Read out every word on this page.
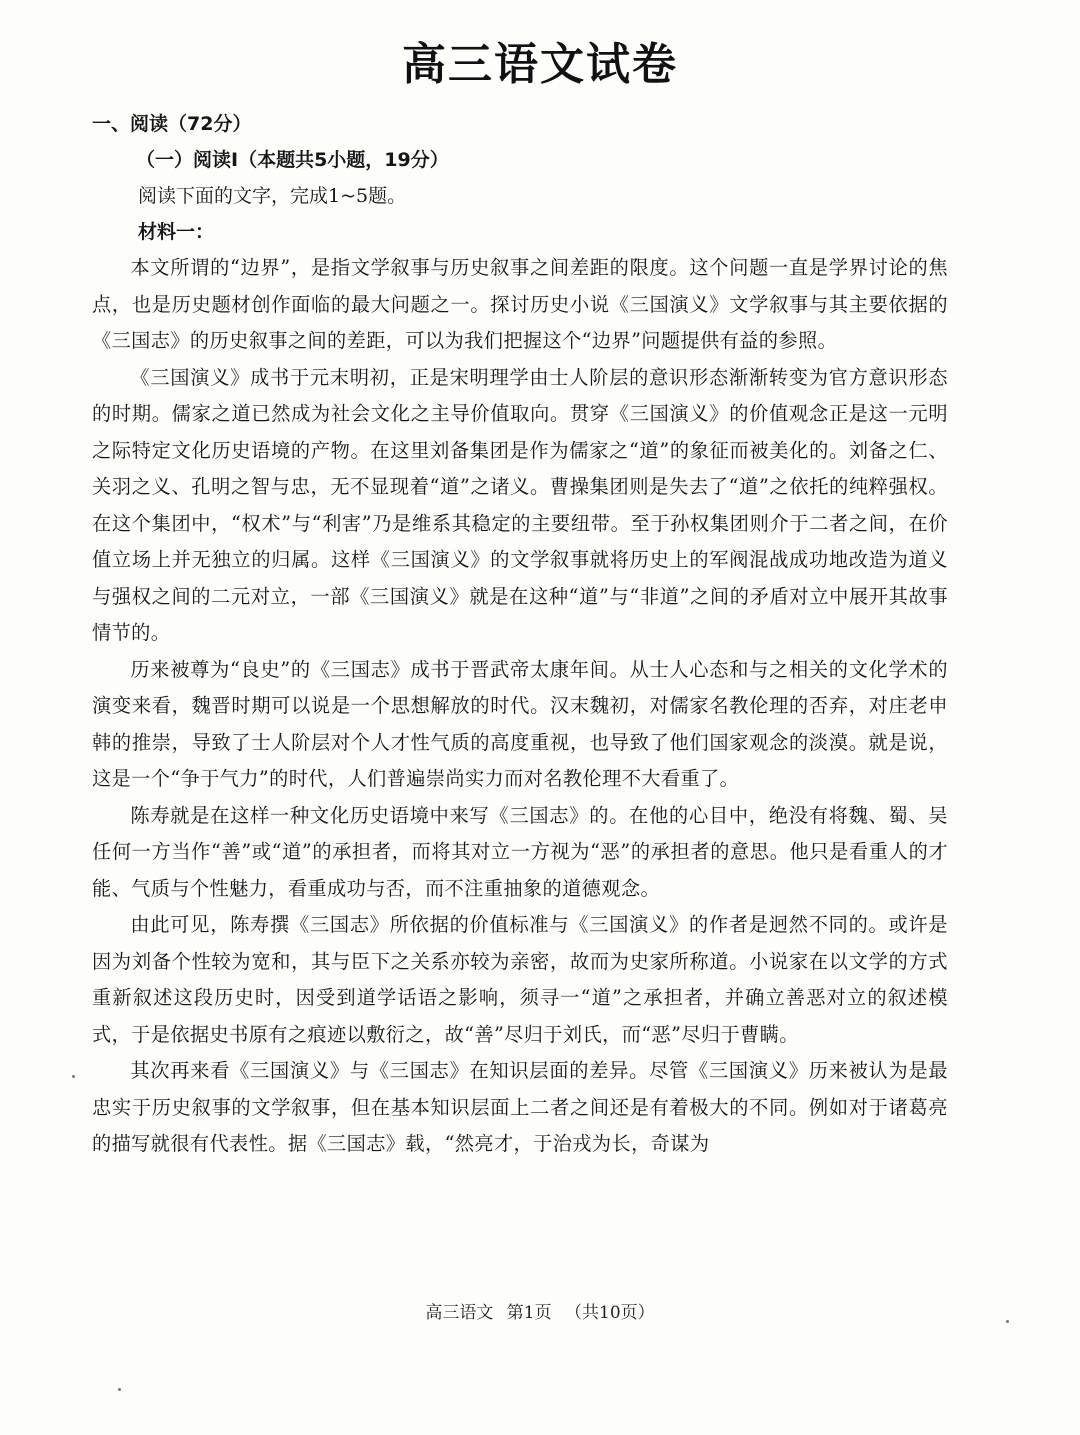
高三语文试卷

一、阅读（72分）

（一）阅读Ⅰ（本题共5小题，19分）

阅读下面的文字，完成1~5题。

材料一：

本文所谓的“边界”，是指文学叙事与历史叙事之间差距的限度。这个问题一直是学界讨论的焦点，也是历史题材创作面临的最大问题之一。探讨历史小说《三国演义》文学叙事与其主要依据的《三国志》的历史叙事之间的差距，可以为我们把握这个“边界”问题提供有益的参照。

《三国演义》成书于元末明初，正是宋明理学由士人阶层的意识形态渐渐转变为官方意识形态的时期。儒家之道已然成为社会文化之主导价值取向。贯穿《三国演义》的价值观念正是这一元明之际特定文化历史语境的产物。在这里刘备集团是作为儒家之“道”的象征而被美化的。刘备之仁、关羽之义、孔明之智与忠，无不显现着“道”之诸义。曹操集团则是失去了“道”之依托的纯粹强权。在这个集团中，“权术”与“利害”乃是维系其稳定的主要纽带。至于孙权集团则介于二者之间，在价值立场上并无独立的归属。这样《三国演义》的文学叙事就将历史上的军阀混战成功地改造为道义与强权之间的二元对立，一部《三国演义》就是在这种“道”与“非道”之间的矛盾对立中展开其故事情节的。

历来被尊为“良史”的《三国志》成书于晋武帝太康年间。从士人心态和与之相关的文化学术的演变来看，魏晋时期可以说是一个思想解放的时代。汉末魏初，对儒家名教伦理的否弃，对庄老申韩的推崇，导致了士人阶层对个人才性气质的高度重视，也导致了他们国家观念的淡漠。就是说，这是一个“争于气力”的时代，人们普遍崇尚实力而对名教伦理不大看重了。

陈寿就是在这样一种文化历史语境中来写《三国志》的。在他的心目中，绝没有将魏、蜀、吴任何一方当作“善”或“道”的承担者，而将其对立一方视为“恶”的承担者的意思。他只是看重人的才能、气质与个性魅力，看重成功与否，而不注重抽象的道德观念。

由此可见，陈寿撰《三国志》所依据的价值标准与《三国演义》的作者是迥然不同的。或许是因为刘备个性较为宽和，其与臣下之关系亦较为亲密，故而为史家所称道。小说家在以文学的方式重新叙述这段历史时，因受到道学话语之影响，须寻一“道”之承担者，并确立善恶对立的叙述模式，于是依据史书原有之痕迹以敷衍之，故“善”尽归于刘氏，而“恶”尽归于曹瞒。

其次再来看《三国演义》与《三国志》在知识层面的差异。尽管《三国演义》历来被认为是最忠实于历史叙事的文学叙事，但在基本知识层面上二者之间还是有着极大的不同。例如对于诸葛亮的描写就很有代表性。据《三国志》载，“然亮才，于治戎为长，奇谋为

高三语文 第1页 （共10页）
